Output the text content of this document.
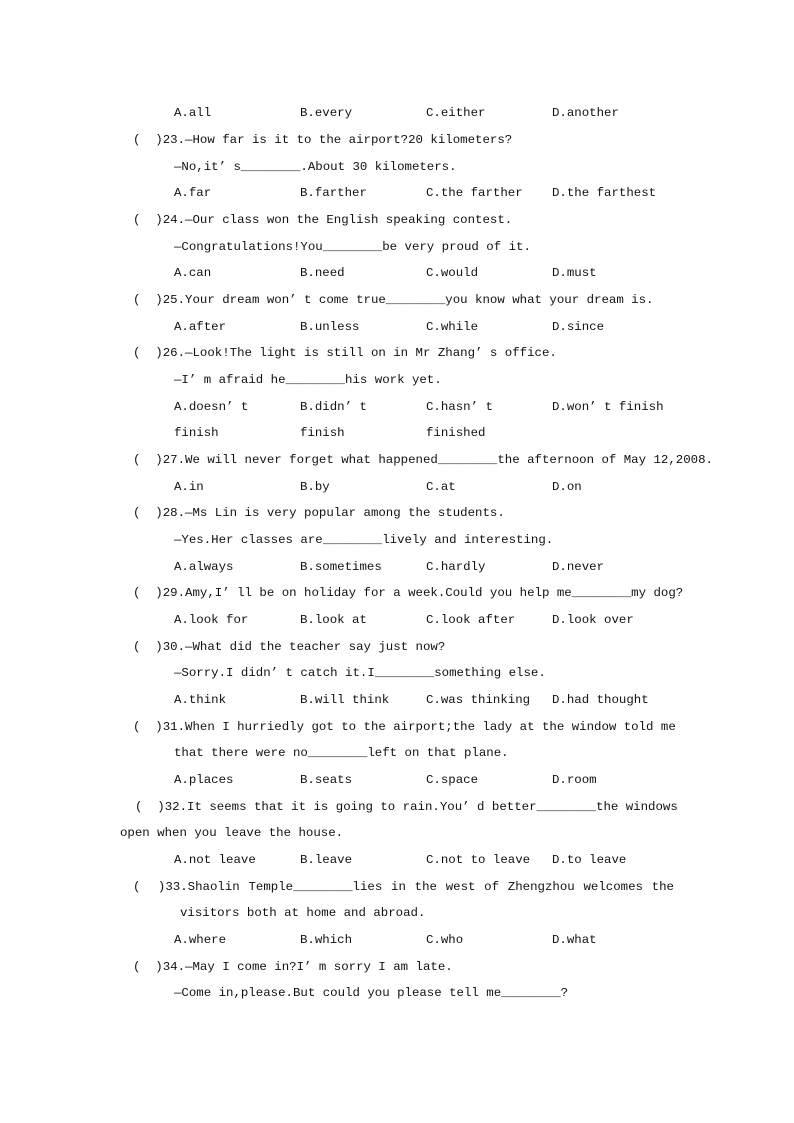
A.all	B.every	C.either	D.another
(  )23.—How far is it to the airport?20 kilometers?
—No,it’ s________.About 30 kilometers.
A.far	B.farther	C.the farther D.the farthest
(  )24.—Our class won the English speaking contest.
—Congratulations!You________be very proud of it.
A.can	B.need	C.would	D.must
(  )25.Your dream won’ t come true________you know what your dream is.
A.after	B.unless	C.while	D.since
(  )26.—Look!The light is still on in Mr Zhang’ s office.
—I’ m afraid he________his work yet.
A.doesn’ t	B.didn’ t	C.hasn’ t	D.won’ t finish
finish	finish	finished
(  )27.We will never forget what happened________the afternoon of May 12,2008.
A.in	B.by	C.at	D.on
(  )28.—Ms Lin is very popular among the students.
—Yes.Her classes are________lively and interesting.
A.always	B.sometimes	C.hardly	D.never
(  )29.Amy,I’ ll be on holiday for a week.Could you help me________my dog?
A.look for	B.look at	C.look after	D.look over
(  )30.—What did the teacher say just now?
—Sorry.I didn’ t catch it.I________something else.
A.think	B.will think	C.was thinking D.had thought
(  )31.When I hurriedly got to the airport;the lady at the window told me
that there were no________left on that plane.
A.places	B.seats	C.space	D.room
(  )32.It seems that it is going to rain.You’ d better________the windows
open when you leave the house.
A.not leave	B.leave	C.not to leave D.to leave
(  )33.Shaolin Temple________lies in the west of Zhengzhou welcomes the
visitors both at home and abroad.
A.where	B.which	C.who	D.what
(  )34.—May I come in?I’ m sorry I am late.
—Come in,please.But could you please tell me________?
